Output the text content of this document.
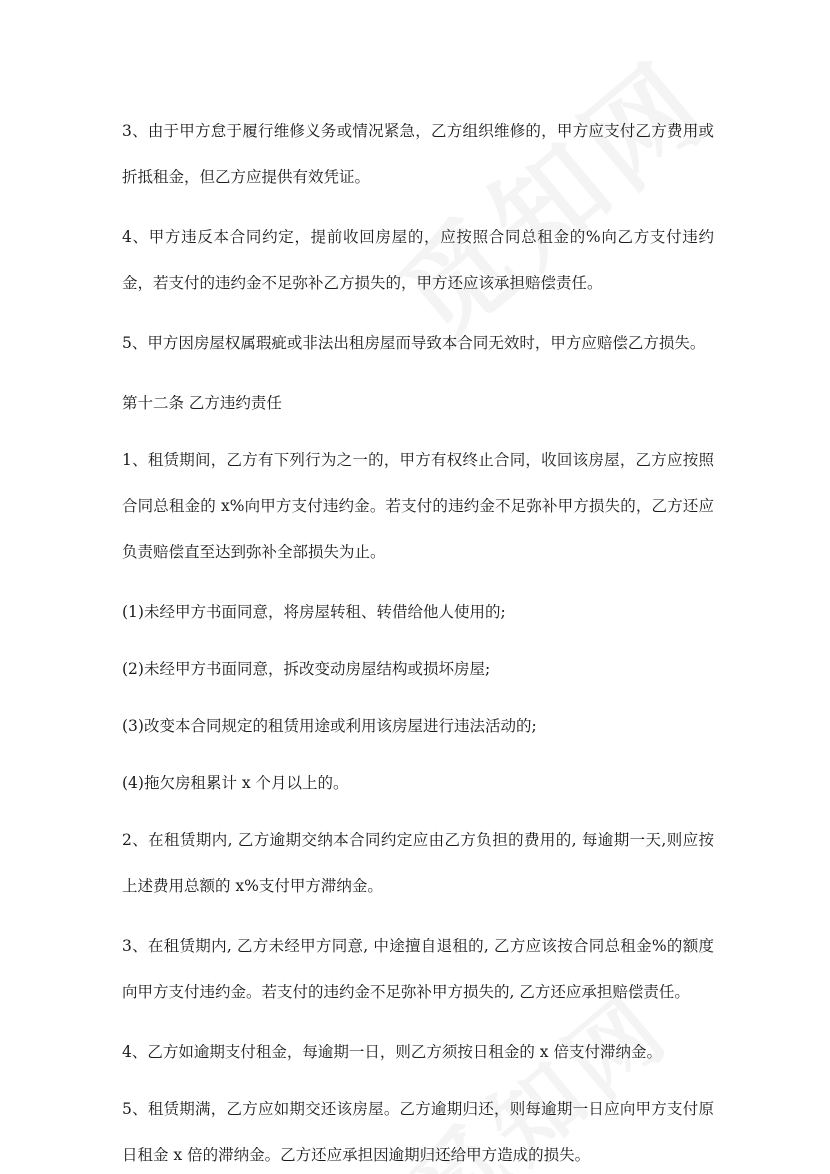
3、由于甲方怠于履行维修义务或情况紧急，乙方组织维修的，甲方应支付乙方费用或折抵租金，但乙方应提供有效凭证。

4、甲方违反本合同约定，提前收回房屋的，应按照合同总租金的%向乙方支付违约金，若支付的违约金不足弥补乙方损失的，甲方还应该承担赔偿责任。

5、甲方因房屋权属瑕疵或非法出租房屋而导致本合同无效时，甲方应赔偿乙方损失。

第十二条 乙方违约责任

1、租赁期间，乙方有下列行为之一的，甲方有权终止合同，收回该房屋，乙方应按照合同总租金的 x%向甲方支付违约金。若支付的违约金不足弥补甲方损失的，乙方还应负责赔偿直至达到弥补全部损失为止。

(1)未经甲方书面同意，将房屋转租、转借给他人使用的;

(2)未经甲方书面同意，拆改变动房屋结构或损坏房屋;

(3)改变本合同规定的租赁用途或利用该房屋进行违法活动的;

(4)拖欠房租累计 x 个月以上的。

2、在租赁期内, 乙方逾期交纳本合同约定应由乙方负担的费用的, 每逾期一天,则应按上述费用总额的 x%支付甲方滞纳金。

3、在租赁期内, 乙方未经甲方同意, 中途擅自退租的, 乙方应该按合同总租金%的额度向甲方支付违约金。若支付的违约金不足弥补甲方损失的, 乙方还应承担赔偿责任。

4、乙方如逾期支付租金，每逾期一日，则乙方须按日租金的 x 倍支付滞纳金。

5、租赁期满，乙方应如期交还该房屋。乙方逾期归还，则每逾期一日应向甲方支付原日租金 x 倍的滞纳金。乙方还应承担因逾期归还给甲方造成的损失。
